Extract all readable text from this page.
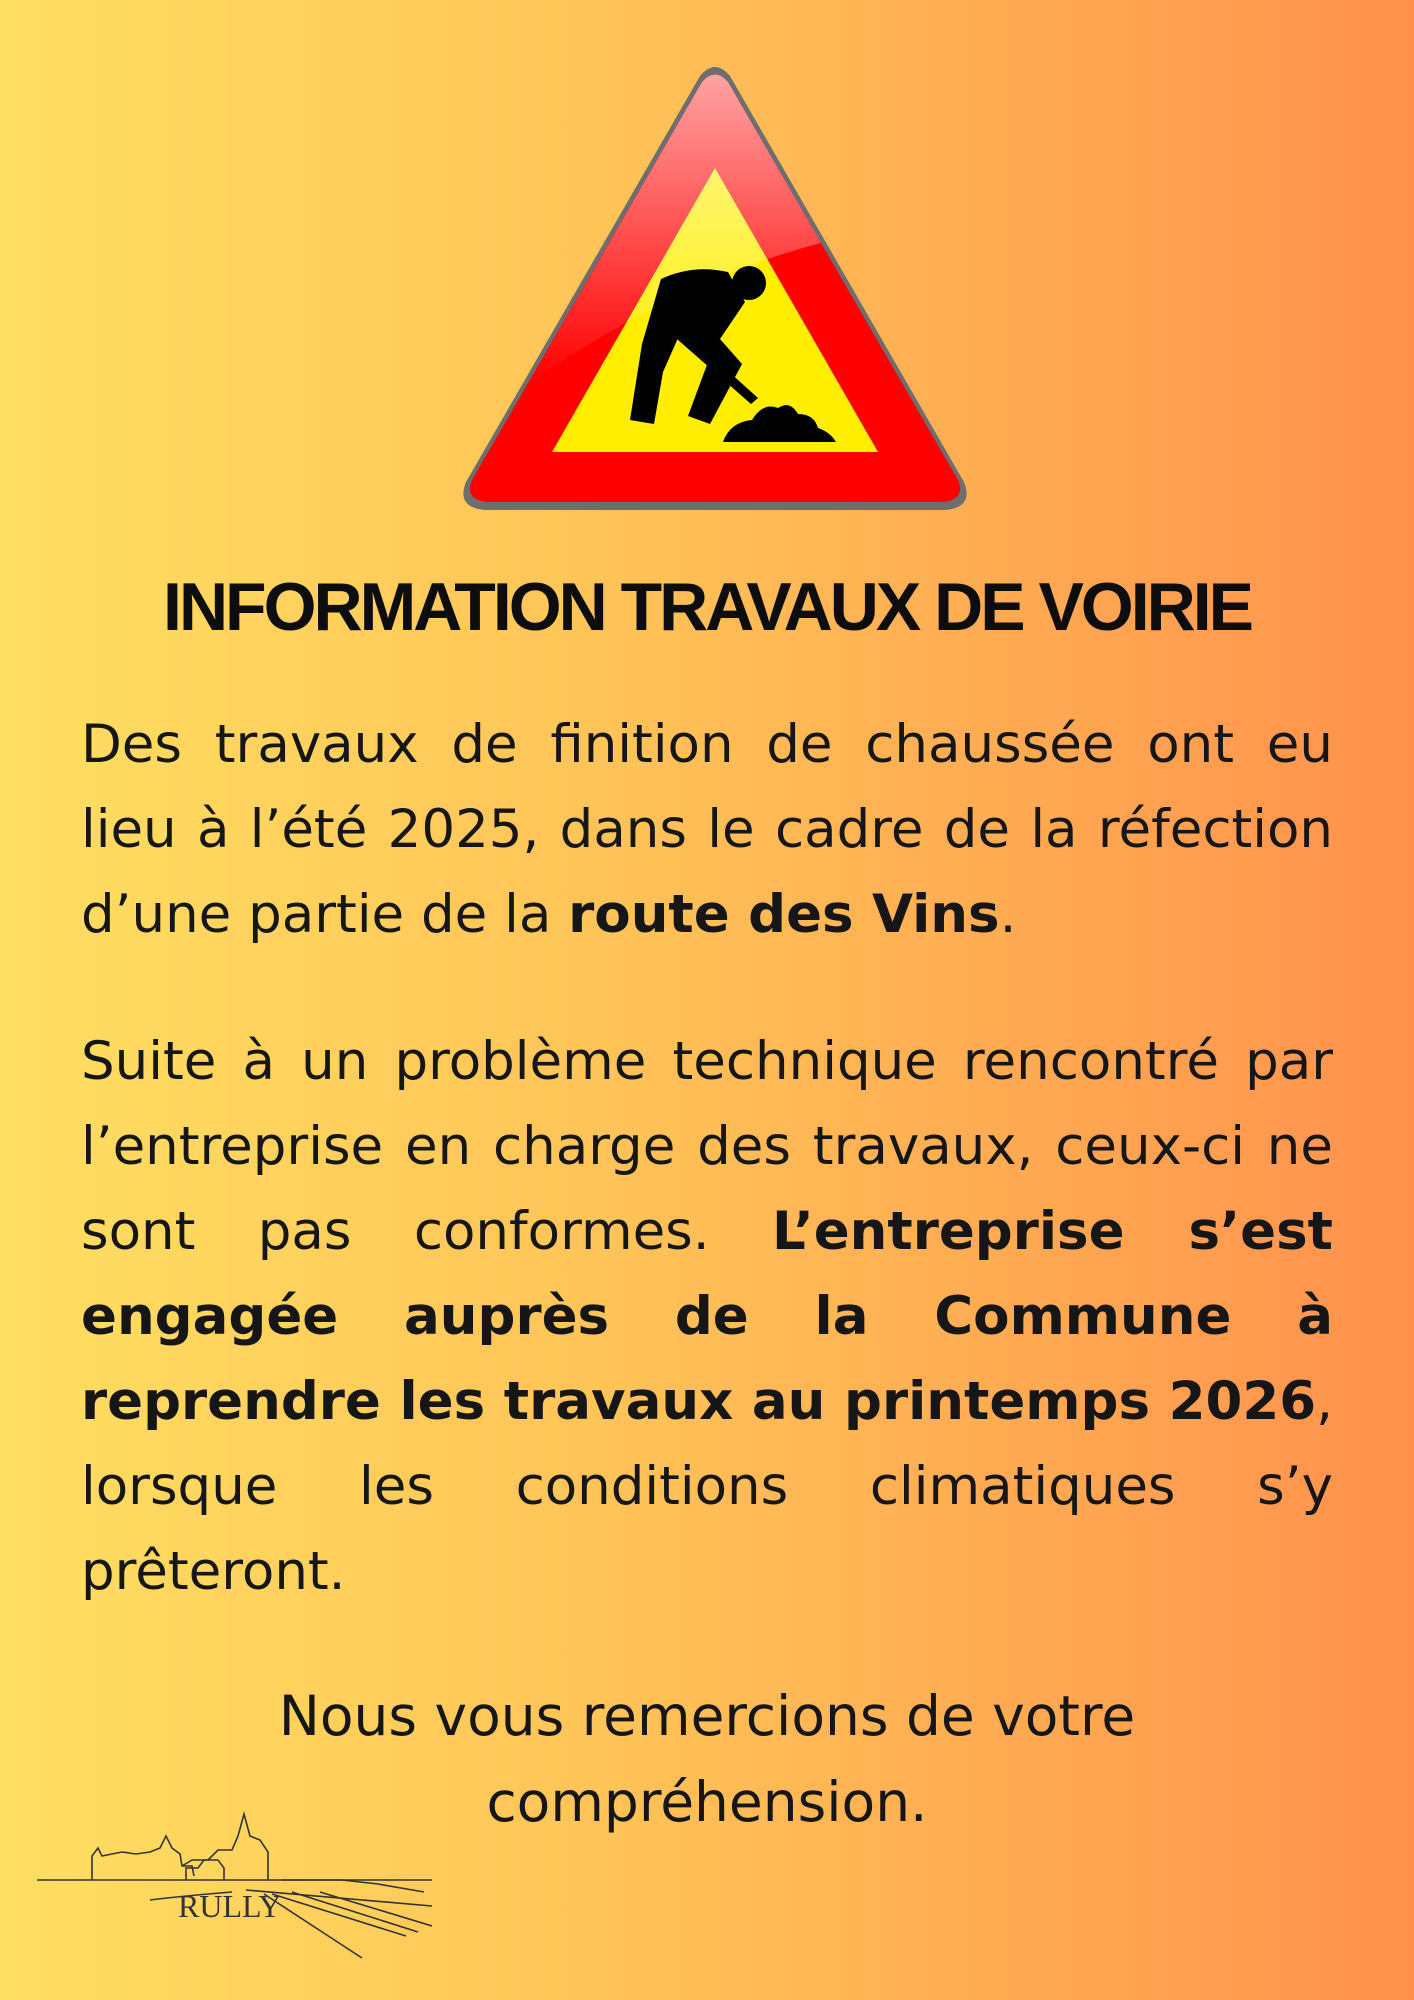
INFORMATION TRAVAUX DE VOIRIE

Des travaux de finition de chaussée ont eu lieu à l’été 2025, dans le cadre de la réfection d’une partie de la route des Vins.

Suite à un problème technique rencontré par l’entreprise en charge des travaux, ceux-ci ne sont pas conformes. L’entreprise s’est engagée auprès de la Commune à reprendre les travaux au printemps 2026, lorsque les conditions climatiques s’y prêteront.

Nous vous remercions de votre
compréhension.
RULLY
